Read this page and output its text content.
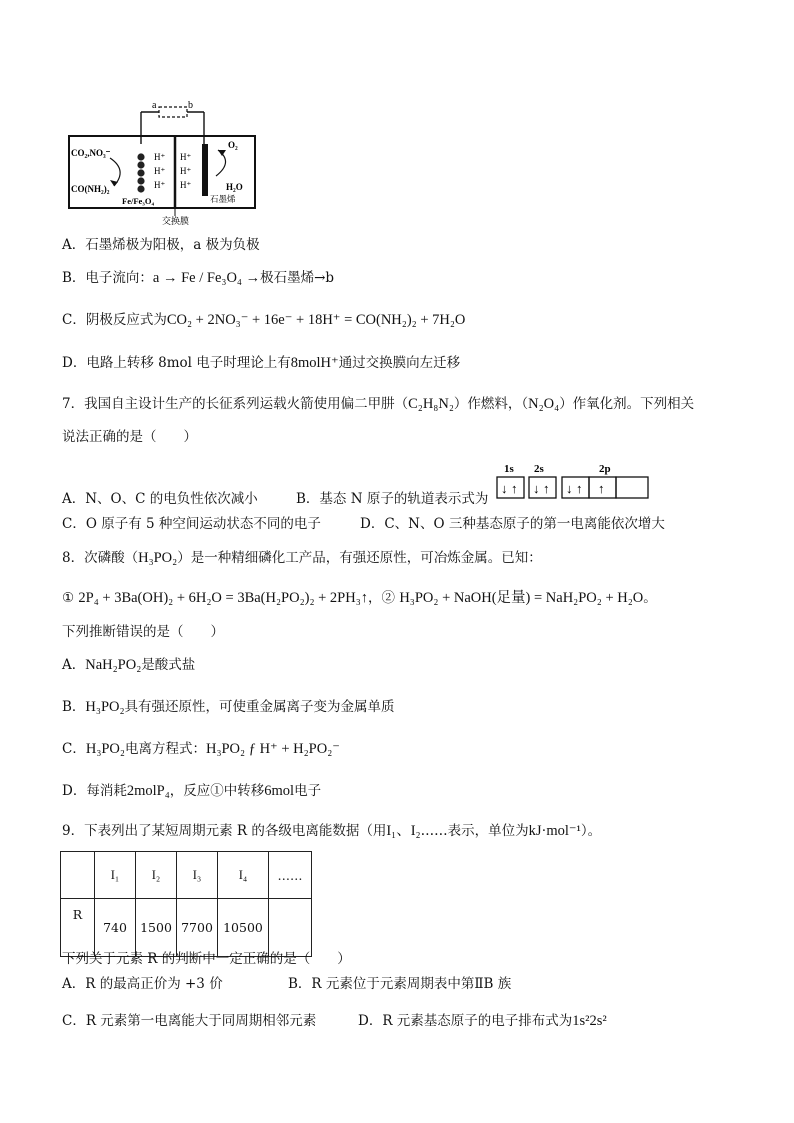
a	b
CO₂,NO₃⁻
CO(NH₂)₂
H⁺
H⁺
H⁺
H⁺
H⁺
H⁺
O₂
H₂O
Fe/Fe₃O₄	石墨烯
交换膜
A．石墨烯极为阳极，a 极为负极
B．电子流向：a → Fe / Fe₃O₄ →极石墨烯→b
C．阴极反应式为CO₂ + 2NO₃⁻ + 16e⁻ + 18H⁺ = CO(NH₂)₂ + 7H₂O
D．电路上转移 8mol 电子时理论上有8molH⁺通过交换膜向左迁移
7．我国自主设计生产的长征系列运载火箭使用偏二甲肼（C₂H₈N₂）作燃料，（N₂O₄）作氧化剂。下列相关
说法正确的是（　　）
A．N、O、C 的电负性依次减小	B．基态 N 原子的轨道表示式为
1s 2s	2p
↓ ↑ ↓ ↑ ↓ ↑ ↑
C．O 原子有 5 种空间运动状态不同的电子	D．C、N、O 三种基态原子的第一电离能依次增大
8．次磷酸（H₃PO₂）是一种精细磷化工产品，有强还原性，可冶炼金属。已知：
① 2P₄ + 3Ba(OH)₂ + 6H₂O = 3Ba(H₂PO₂)₂ + 2PH₃↑，② H₃PO₂ + NaOH(足量) = NaH₂PO₂ + H₂O。
下列推断错误的是（　　）
A．NaH₂PO₂是酸式盐
B．H₃PO₂具有强还原性，可使重金属离子变为金属单质
C．H₃PO₂电离方程式：H₃PO₂ ƒ H⁺ + H₂PO₂⁻
D．每消耗2molP₄，反应①中转移6mol电子
9．下表列出了某短周期元素 R 的各级电离能数据（用I₁、I₂……表示，单位为kJ·mol⁻¹）。
	I₁	I₂	I₃	I₄	……
R	740	1500	7700	10500	
下列关于元素 R 的判断中一定正确的是（　　）
A．R 的最高正价为 +3 价	B．R 元素位于元素周期表中第ⅡB 族
C．R 元素第一电离能大于同周期相邻元素	D．R 元素基态原子的电子排布式为1s²2s²
